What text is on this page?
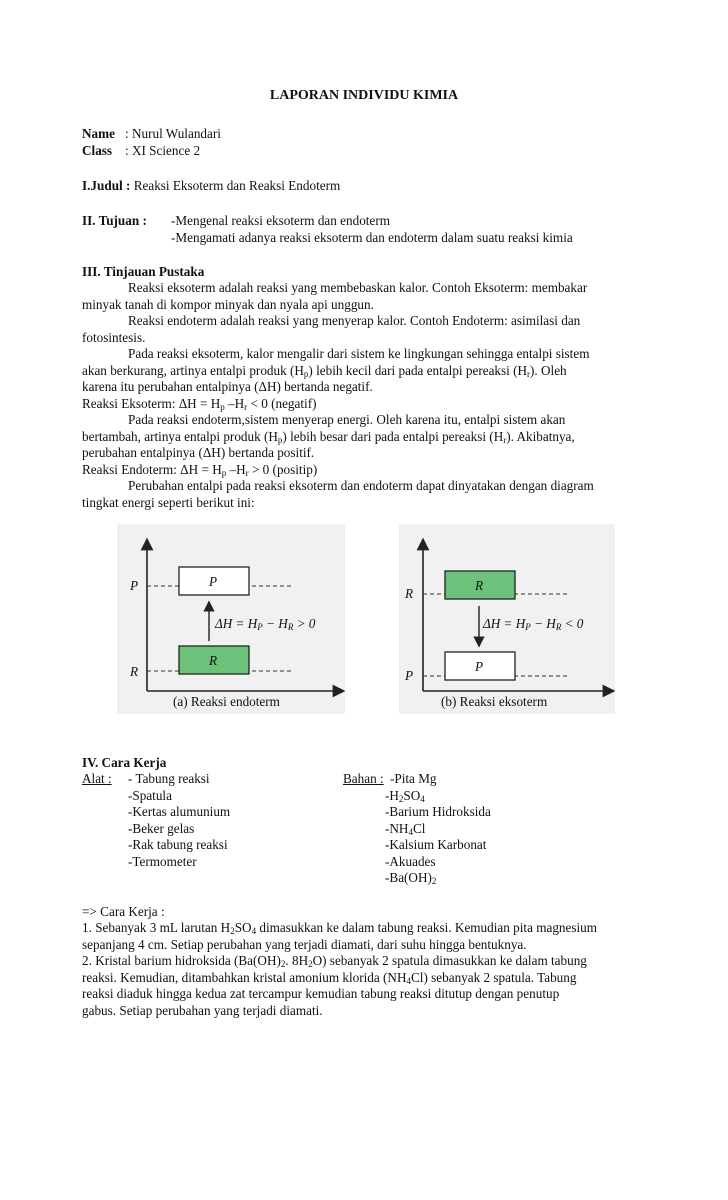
LAPORAN INDIVIDU KIMIA
Name : Nurul Wulandari
Class : XI Science 2
I.Judul : Reaksi Eksoterm dan Reaksi Endoterm
II. Tujuan : -Mengenal reaksi eksoterm dan endoterm
-Mengamati adanya reaksi eksoterm dan endoterm dalam suatu reaksi kimia
III. Tinjauan Pustaka
Reaksi eksoterm adalah reaksi yang membebaskan kalor. Contoh Eksoterm: membakar
minyak tanah di kompor minyak dan nyala api unggun.
Reaksi endoterm adalah reaksi yang menyerap kalor. Contoh Endoterm: asimilasi dan
fotosintesis.
Pada reaksi eksoterm, kalor mengalir dari sistem ke lingkungan sehingga entalpi sistem
akan berkurang, artinya entalpi produk $(H_p)$ lebih kecil dari pada entalpi pereaksi $(H_r)$. Oleh
karena itu perubahan entalpinya (ΔH) bertanda negatif.
Reaksi Eksoterm: $\Delta H = H_p$ $-H_r < 0$ (negatif)
Pada reaksi endoterm,sistem menyerap energi. Oleh karena itu, entalpi sistem akan
bertambah, artinya entalpi produk $(H_p)$ lebih besar dari pada entalpi pereaksi $(H_r)$. Akibatnya,
perubahan entalpinya (ΔH) bertanda positif.
Reaksi Endoterm: $\Delta H = H_p$ $-H_r > 0$ (positip)
Perubahan entalpi pada reaksi eksoterm dan endoterm dapat dinyatakan dengan diagram
tingkat energi seperti berikut ini:
P
R
P
R
$\Delta H = H_P - H_R > 0$
(a) Reaksi endoterm
R
P
R
P
$\Delta H = H_P - H_R < 0$
(b) Reaksi eksoterm
IV. Cara Kerja
Alat : - Tabung reaksi
-Spatula
-Kertas alumunium
-Beker gelas
-Rak tabung reaksi
-Termometer
Bahan : -Pita Mg
$-H_2SO_4$
-Barium Hidroksida
$-NH_4Cl$
-Kalsium Karbonat
-Akuades
$-Ba(OH)_2$
=> Cara Kerja :
1. Sebanyak 3 mL larutan $H_2SO_4$ dimasukkan ke dalam tabung reaksi. Kemudian pita magnesium
sepanjang 4 cm. Setiap perubahan yang terjadi diamati, dari suhu hingga bentuknya.
2. Kristal barium hidroksida ($Ba(OH)_2$. $8H_2O$) sebanyak 2 spatula dimasukkan ke dalam tabung
reaksi. Kemudian, ditambahkan kristal amonium klorida $(NH_4Cl)$ sebanyak 2 spatula. Tabung
reaksi diaduk hingga kedua zat tercampur kemudian tabung reaksi ditutup dengan penutup
gabus. Setiap perubahan yang terjadi diamati.
